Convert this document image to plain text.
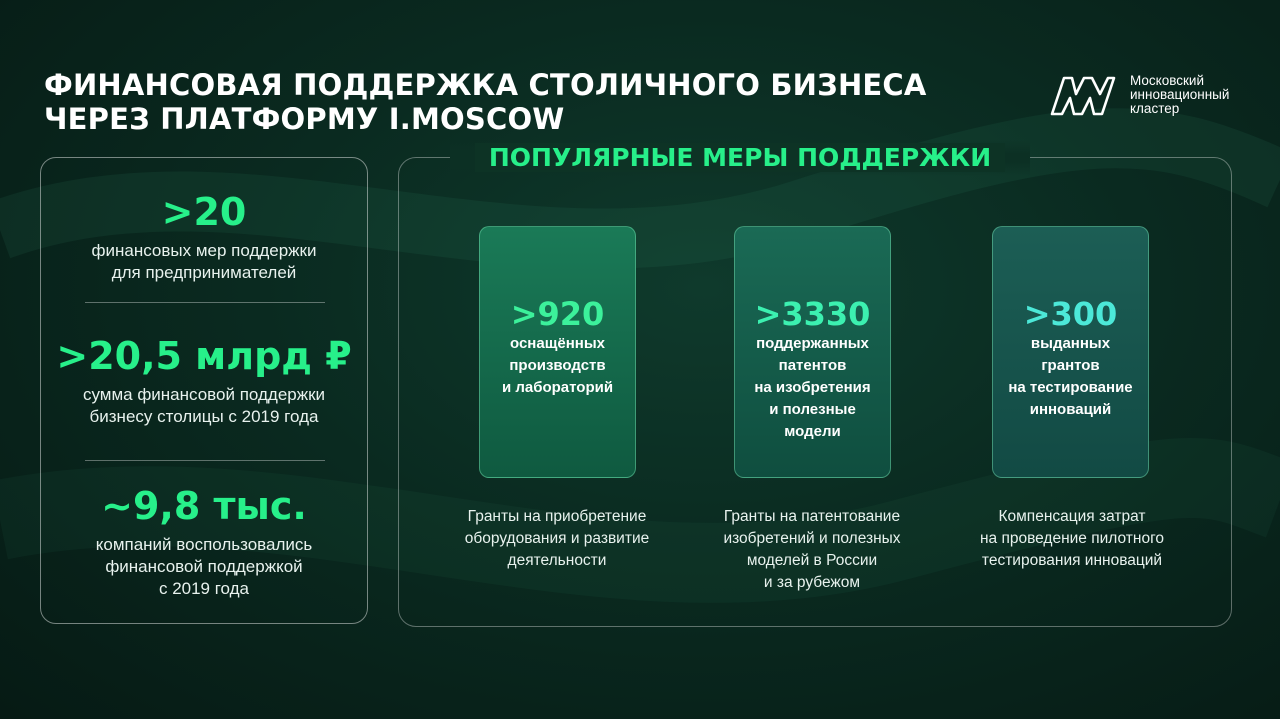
ФИНАНСОВАЯ ПОДДЕРЖКА СТОЛИЧНОГО БИЗНЕСА
ЧЕРЕЗ ПЛАТФОРМУ I.MOSCOW
Московский
инновационный
кластер
>20
финансовых мер поддержки
для предпринимателей
>20,5 млрд ₽
сумма финансовой поддержки
бизнесу столицы с 2019 года
~9,8 тыс.
компаний воспользовались
финансовой поддержкой
с 2019 года
ПОПУЛЯРНЫЕ МЕРЫ ПОДДЕРЖКИ
>920
оснащённых
производств
и лабораторий
>3330
поддержанных
патентов
на изобретения
и полезные
модели
>300
выданных
грантов
на тестирование
инноваций
Гранты на приобретение
оборудования и развитие
деятельности
Гранты на патентование
изобретений и полезных
моделей в России
и за рубежом
Компенсация затрат
на проведение пилотного
тестирования инноваций
